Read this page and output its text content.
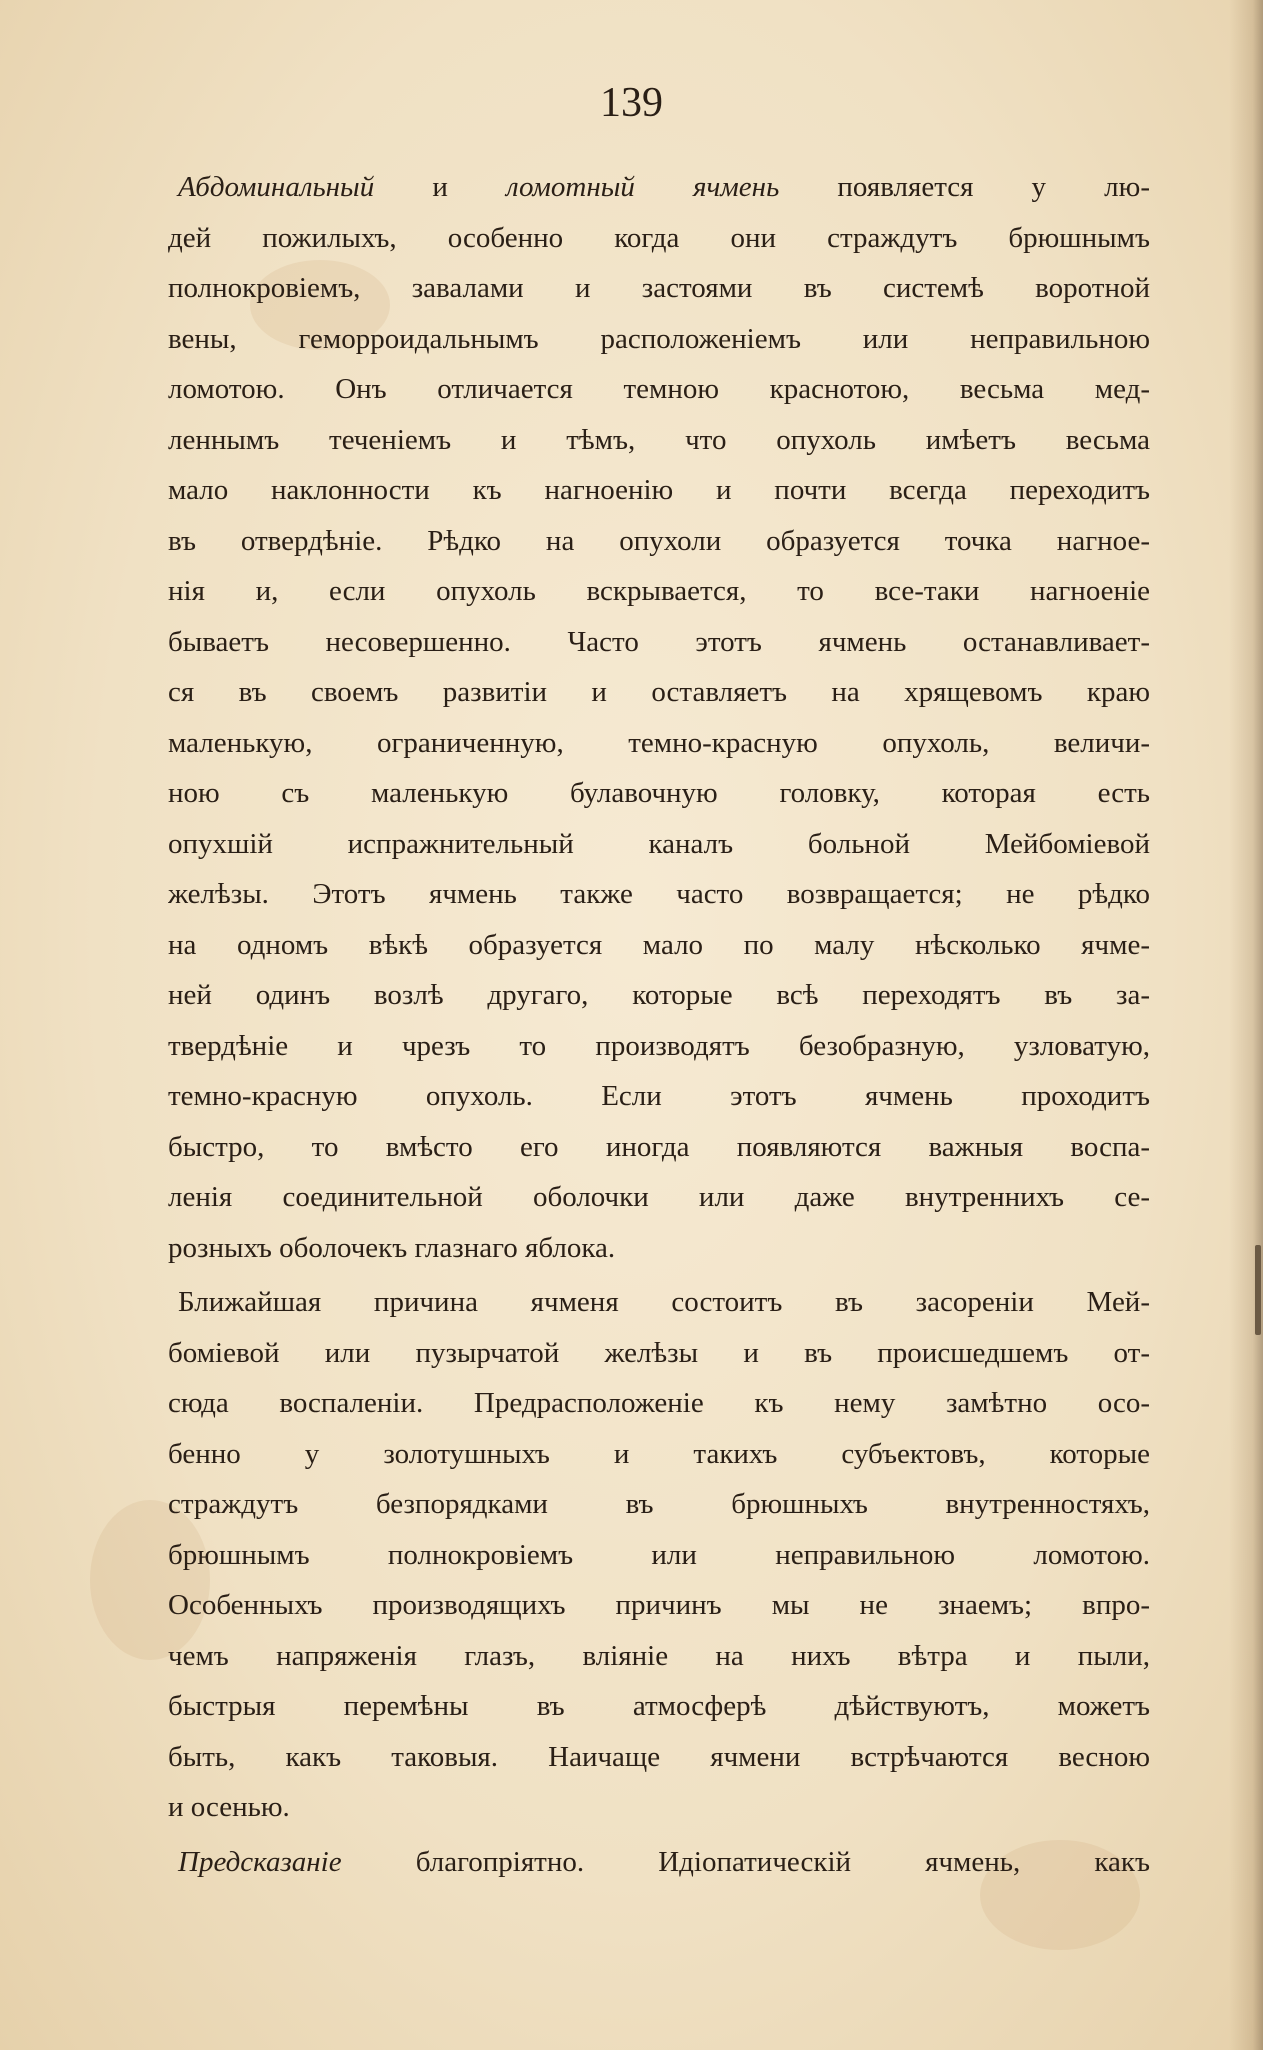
139
Абдоминальный и ломотный ячмень появляется у лю-
дей пожилыхъ, особенно когда они страждутъ брюшнымъ
полнокровіемъ, завалами и застоями въ системѣ воротной
вены, геморроидальнымъ расположеніемъ или неправильною
ломотою. Онъ отличается темною краснотою, весьма мед-
леннымъ теченіемъ и тѣмъ, что опухоль имѣетъ весьма
мало наклонности къ нагноенію и почти всегда переходитъ
въ отвердѣніе. Рѣдко на опухоли образуется точка нагное-
нія и, если опухоль вскрывается, то все-таки нагноеніе
бываетъ несовершенно. Часто этотъ ячмень останавливает-
ся въ своемъ развитіи и оставляетъ на хрящевомъ краю
маленькую, ограниченную, темно-красную опухоль, величи-
ною съ маленькую булавочную головку, которая есть
опухшій испражнительный каналъ больной Мейбоміевой
желѣзы. Этотъ ячмень также часто возвращается; не рѣдко
на одномъ вѣкѣ образуется мало по малу нѣсколько ячме-
ней одинъ возлѣ другаго, которые всѣ переходятъ въ за-
твердѣніе и чрезъ то производятъ безобразную, узловатую,
темно-красную опухоль. Если этотъ ячмень проходитъ
быстро, то вмѣсто его иногда появляются важныя воспа-
ленія соединительной оболочки или даже внутреннихъ се-
розныхъ оболочекъ глазнаго яблока.
Ближайшая причина ячменя состоитъ въ засореніи Мей-
боміевой или пузырчатой желѣзы и въ происшедшемъ от-
сюда воспаленіи. Предрасположеніе къ нему замѣтно осо-
бенно у золотушныхъ и такихъ субъектовъ, которые
страждутъ безпорядками въ брюшныхъ внутренностяхъ,
брюшнымъ полнокровіемъ или неправильною ломотою.
Особенныхъ производящихъ причинъ мы не знаемъ; впро-
чемъ напряженія глазъ, вліяніе на нихъ вѣтра и пыли,
быстрыя перемѣны въ атмосферѣ дѣйствуютъ, можетъ
быть, какъ таковыя. Наичаще ячмени встрѣчаются весною
и осенью.
Предсказаніе благопріятно. Идіопатическій ячмень, какъ
